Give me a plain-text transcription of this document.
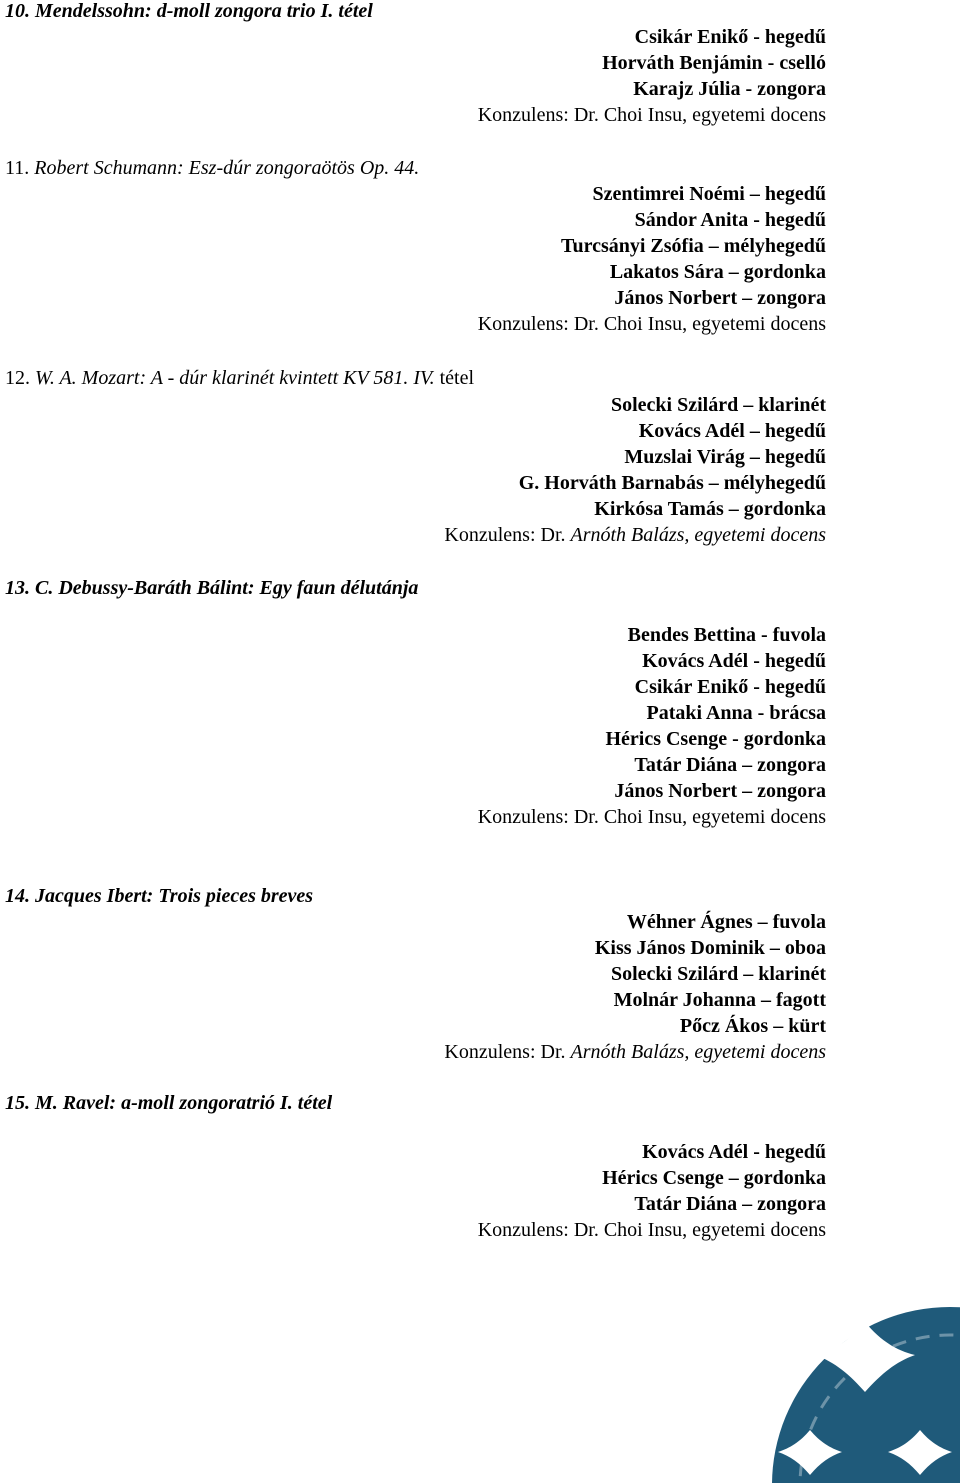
10. Mendelssohn: d-moll zongora trio I. tétel
Csikár Enikő - hegedű
Horváth Benjámin - cselló
Karajz Júlia - zongora
Konzulens: Dr. Choi Insu, egyetemi docens
11. Robert Schumann: Esz-dúr zongoraötös Op. 44.
Szentimrei Noémi – hegedű
Sándor Anita - hegedű
Turcsányi Zsófia – mélyhegedű
Lakatos Sára – gordonka
János Norbert – zongora
Konzulens: Dr. Choi Insu, egyetemi docens
12. W. A. Mozart: A - dúr klarinét kvintett KV 581. IV. tétel
Solecki Szilárd – klarinét
Kovács Adél – hegedű
Muzslai Virág – hegedű
G. Horváth Barnabás – mélyhegedű
Kirkósa Tamás – gordonka
Konzulens: Dr. Arnóth Balázs, egyetemi docens
13. C. Debussy-Baráth Bálint: Egy faun délutánja
Bendes Bettina - fuvola
Kovács Adél - hegedű
Csikár Enikő - hegedű
Pataki Anna - brácsa
Hérics Csenge - gordonka
Tatár Diána – zongora
János Norbert – zongora
Konzulens: Dr. Choi Insu, egyetemi docens
14. Jacques Ibert: Trois pieces breves
Wéhner Ágnes – fuvola
Kiss János Dominik – oboa
Solecki Szilárd – klarinét
Molnár Johanna – fagott
Pőcz Ákos – kürt
Konzulens: Dr. Arnóth Balázs, egyetemi docens
15. M. Ravel: a-moll zongoratrió I. tétel
Kovács Adél - hegedű
Hérics Csenge – gordonka
Tatár Diána – zongora
Konzulens: Dr. Choi Insu, egyetemi docens
